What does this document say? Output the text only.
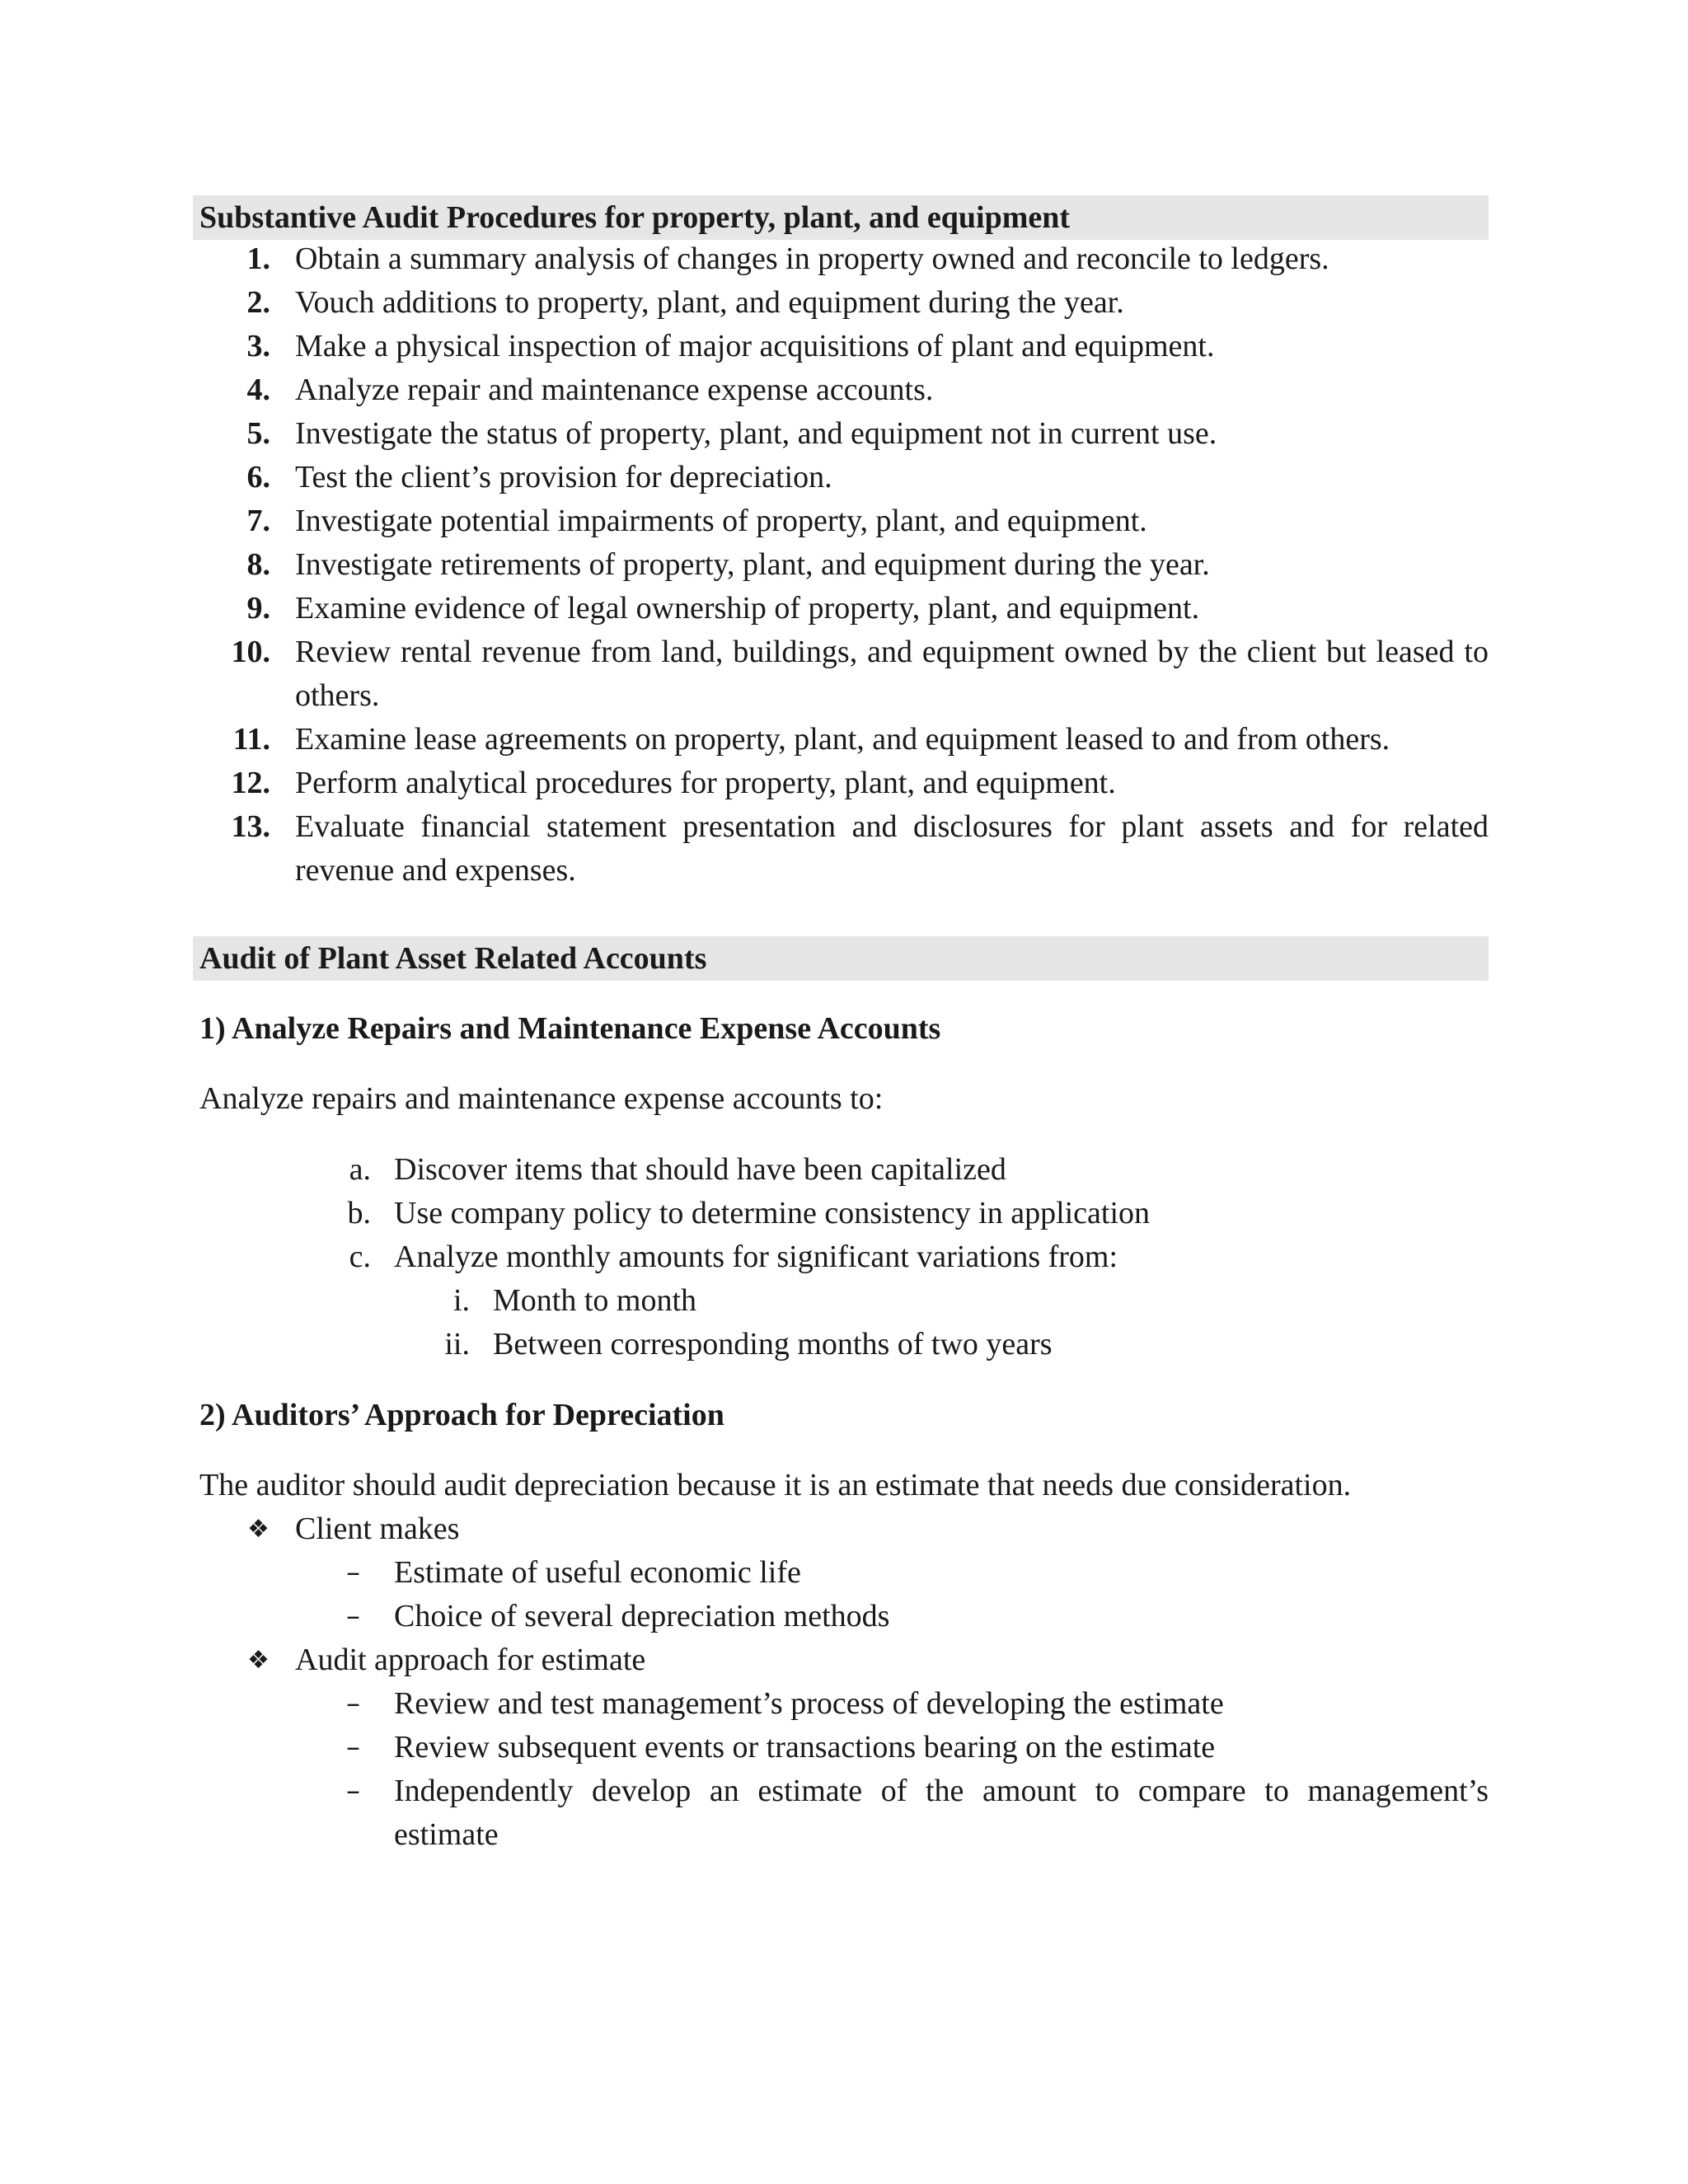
Substantive Audit Procedures for property, plant, and equipment
1. Obtain a summary analysis of changes in property owned and reconcile to ledgers.
2. Vouch additions to property, plant, and equipment during the year.
3. Make a physical inspection of major acquisitions of plant and equipment.
4. Analyze repair and maintenance expense accounts.
5. Investigate the status of property, plant, and equipment not in current use.
6. Test the client’s provision for depreciation.
7. Investigate potential impairments of property, plant, and equipment.
8. Investigate retirements of property, plant, and equipment during the year.
9. Examine evidence of legal ownership of property, plant, and equipment.
10. Review rental revenue from land, buildings, and equipment owned by the client but leased to others.
11. Examine lease agreements on property, plant, and equipment leased to and from others.
12. Perform analytical procedures for property, plant, and equipment.
13. Evaluate financial statement presentation and disclosures for plant assets and for related revenue and expenses.
Audit of Plant Asset Related Accounts
1) Analyze Repairs and Maintenance Expense Accounts
Analyze repairs and maintenance expense accounts to:
a. Discover items that should have been capitalized
b. Use company policy to determine consistency in application
c. Analyze monthly amounts for significant variations from:
i. Month to month
ii. Between corresponding months of two years
2) Auditors’ Approach for Depreciation
The auditor should audit depreciation because it is an estimate that needs due consideration.
❖ Client makes
– Estimate of useful economic life
– Choice of several depreciation methods
❖ Audit approach for estimate
– Review and test management’s process of developing the estimate
– Review subsequent events or transactions bearing on the estimate
– Independently develop an estimate of the amount to compare to management’s estimate
